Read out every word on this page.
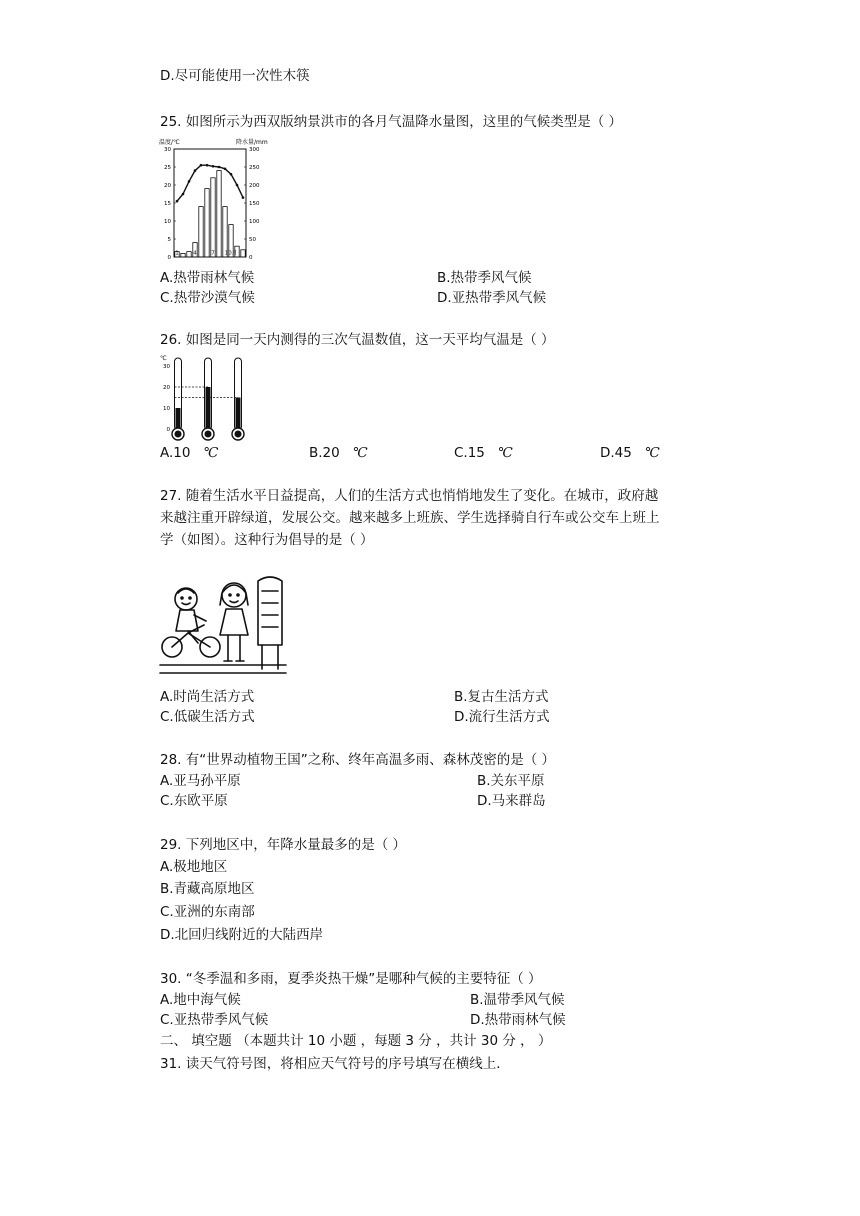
D.尽可能使用一次性木筷
25. 如图所示为西双版纳景洪市的各月气温降水量图，这里的气候类型是（ ）
温度/℃	降水量/mm
30
25
20
15
10
5
0
300
250
200
150
100
50
0
1	4	7 10月
A.热带雨林气候	B.热带季风气候
C.热带沙漠气候	D.亚热带季风气候
26. 如图是同一天内测得的三次气温数值，这一天平均气温是（ ）
℃
30
20
10
0
A.10 ℃	B.20 ℃	C.15 ℃	D.45 ℃
27. 随着生活水平日益提高，人们的生活方式也悄悄地发生了变化。在城市，政府越
来越注重开辟绿道，发展公交。越来越多上班族、学生选择骑自行车或公交车上班上
学（如图）。这种行为倡导的是（ ）
A.时尚生活方式	B.复古生活方式
C.低碳生活方式	D.流行生活方式
28. 有“世界动植物王国”之称、终年高温多雨、森林茂密的是（ ）
A.亚马孙平原	B.关东平原
C.东欧平原	D.马来群岛
29. 下列地区中，年降水量最多的是（ ）
A.极地地区
B.青藏高原地区
C.亚洲的东南部
D.北回归线附近的大陆西岸
30. “冬季温和多雨，夏季炎热干燥”是哪种气候的主要特征（ ）
A.地中海气候	B.温带季风气候
C.亚热带季风气候	D.热带雨林气候
二、 填空题 （本题共计 10 小题 ，每题 3 分 ，共计 30 分 ， ）
31. 读天气符号图，将相应天气符号的序号填写在横线上．
